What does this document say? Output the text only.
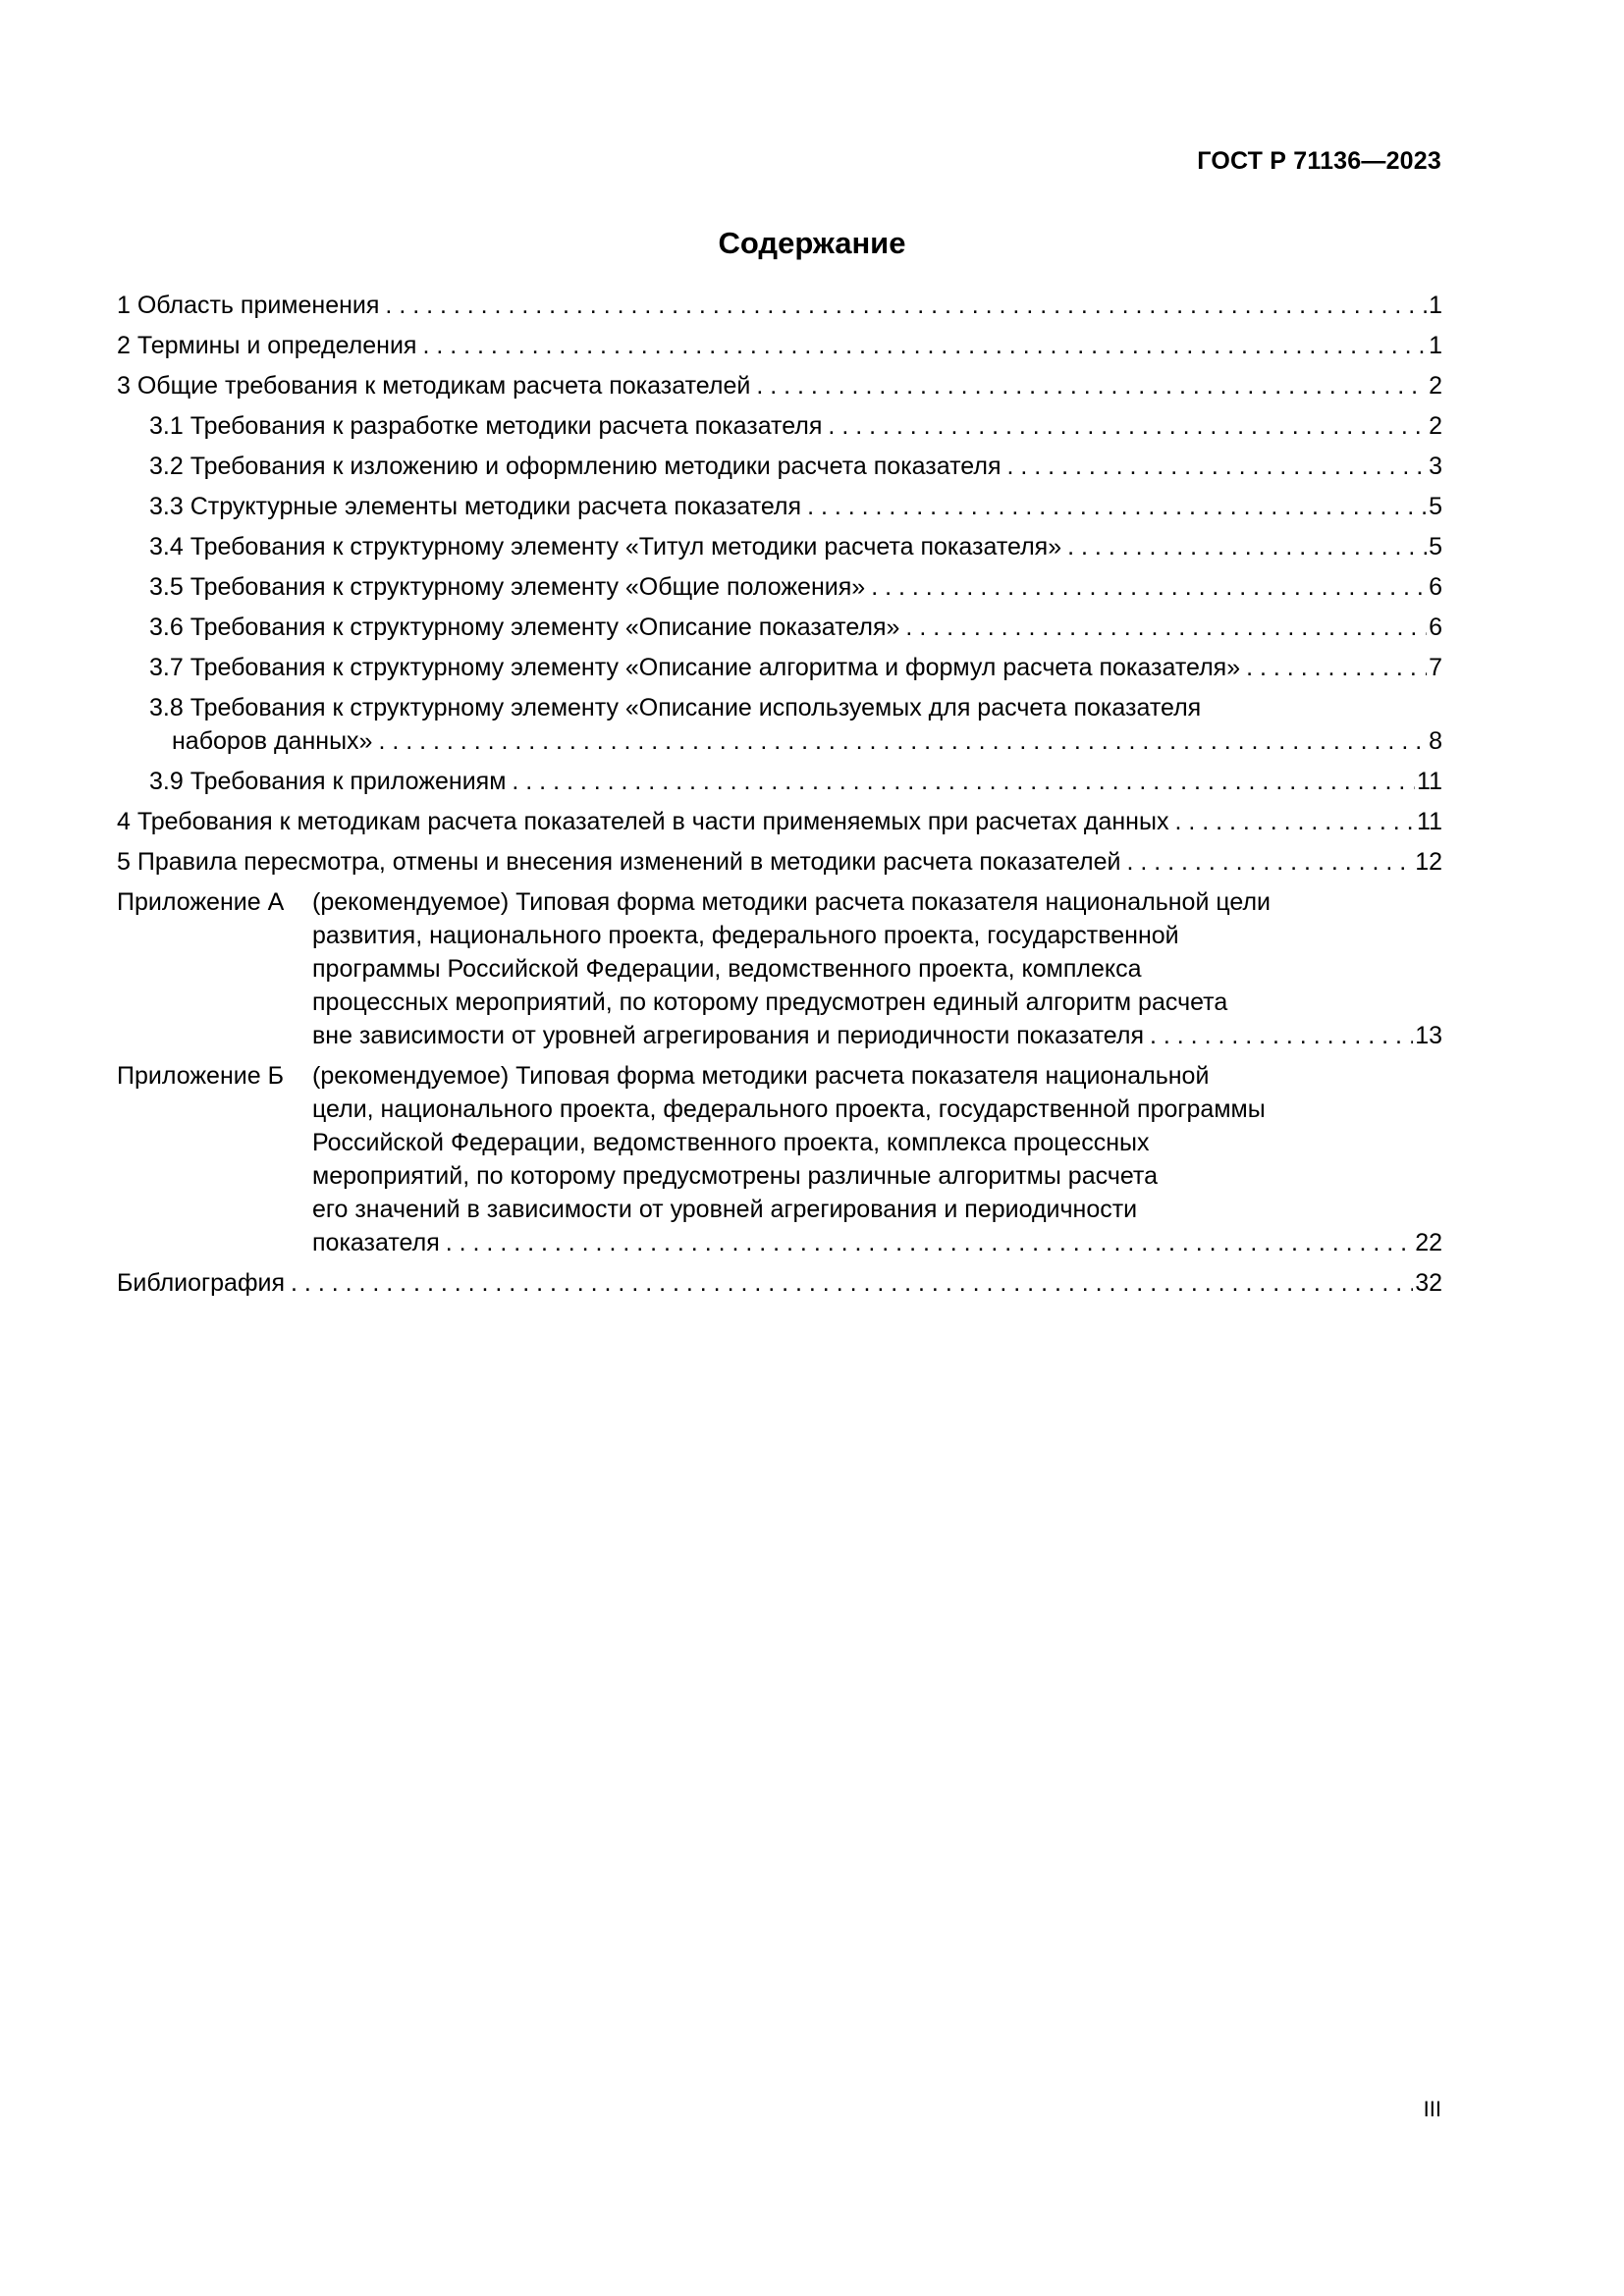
ГОСТ Р 71136—2023
Содержание
1 Область применения . . .	1
2 Термины и определения . . .	1
3 Общие требования к методикам расчета показателей . . .	2
3.1 Требования к разработке методики расчета показателя . . .	2
3.2 Требования к изложению и оформлению методики расчета показателя . . .	3
3.3 Структурные элементы методики расчета показателя . . .	5
3.4 Требования к структурному элементу «Титул методики расчета показателя» . . .	5
3.5 Требования к структурному элементу «Общие положения» . . .	6
3.6 Требования к структурному элементу «Описание показателя» . . .	6
3.7 Требования к структурному элементу «Описание алгоритма и формул расчета показателя» . . .	7
3.8 Требования к структурному элементу «Описание используемых для расчета показателя
наборов данных» . . .	8
3.9 Требования к приложениям . . .	11
4 Требования к методикам расчета показателей в части применяемых при расчетах данных . . .	11
5 Правила пересмотра, отмены и внесения изменений в методики расчета показателей . . .	12
Приложение А	(рекомендуемое) Типовая форма методики расчета показателя национальной цели
развития, национального проекта, федерального проекта, государственной
программы Российской Федерации, ведомственного проекта, комплекса
процессных мероприятий, по которому предусмотрен единый алгоритм расчета
вне зависимости от уровней агрегирования и периодичности показателя . . .	13
Приложение Б	(рекомендуемое) Типовая форма методики расчета показателя национальной
цели, национального проекта, федерального проекта, государственной программы
Российской Федерации, ведомственного проекта, комплекса процессных
мероприятий, по которому предусмотрены различные алгоритмы расчета
его значений в зависимости от уровней агрегирования и периодичности
показателя . . .	22
Библиография . . .	32
III
